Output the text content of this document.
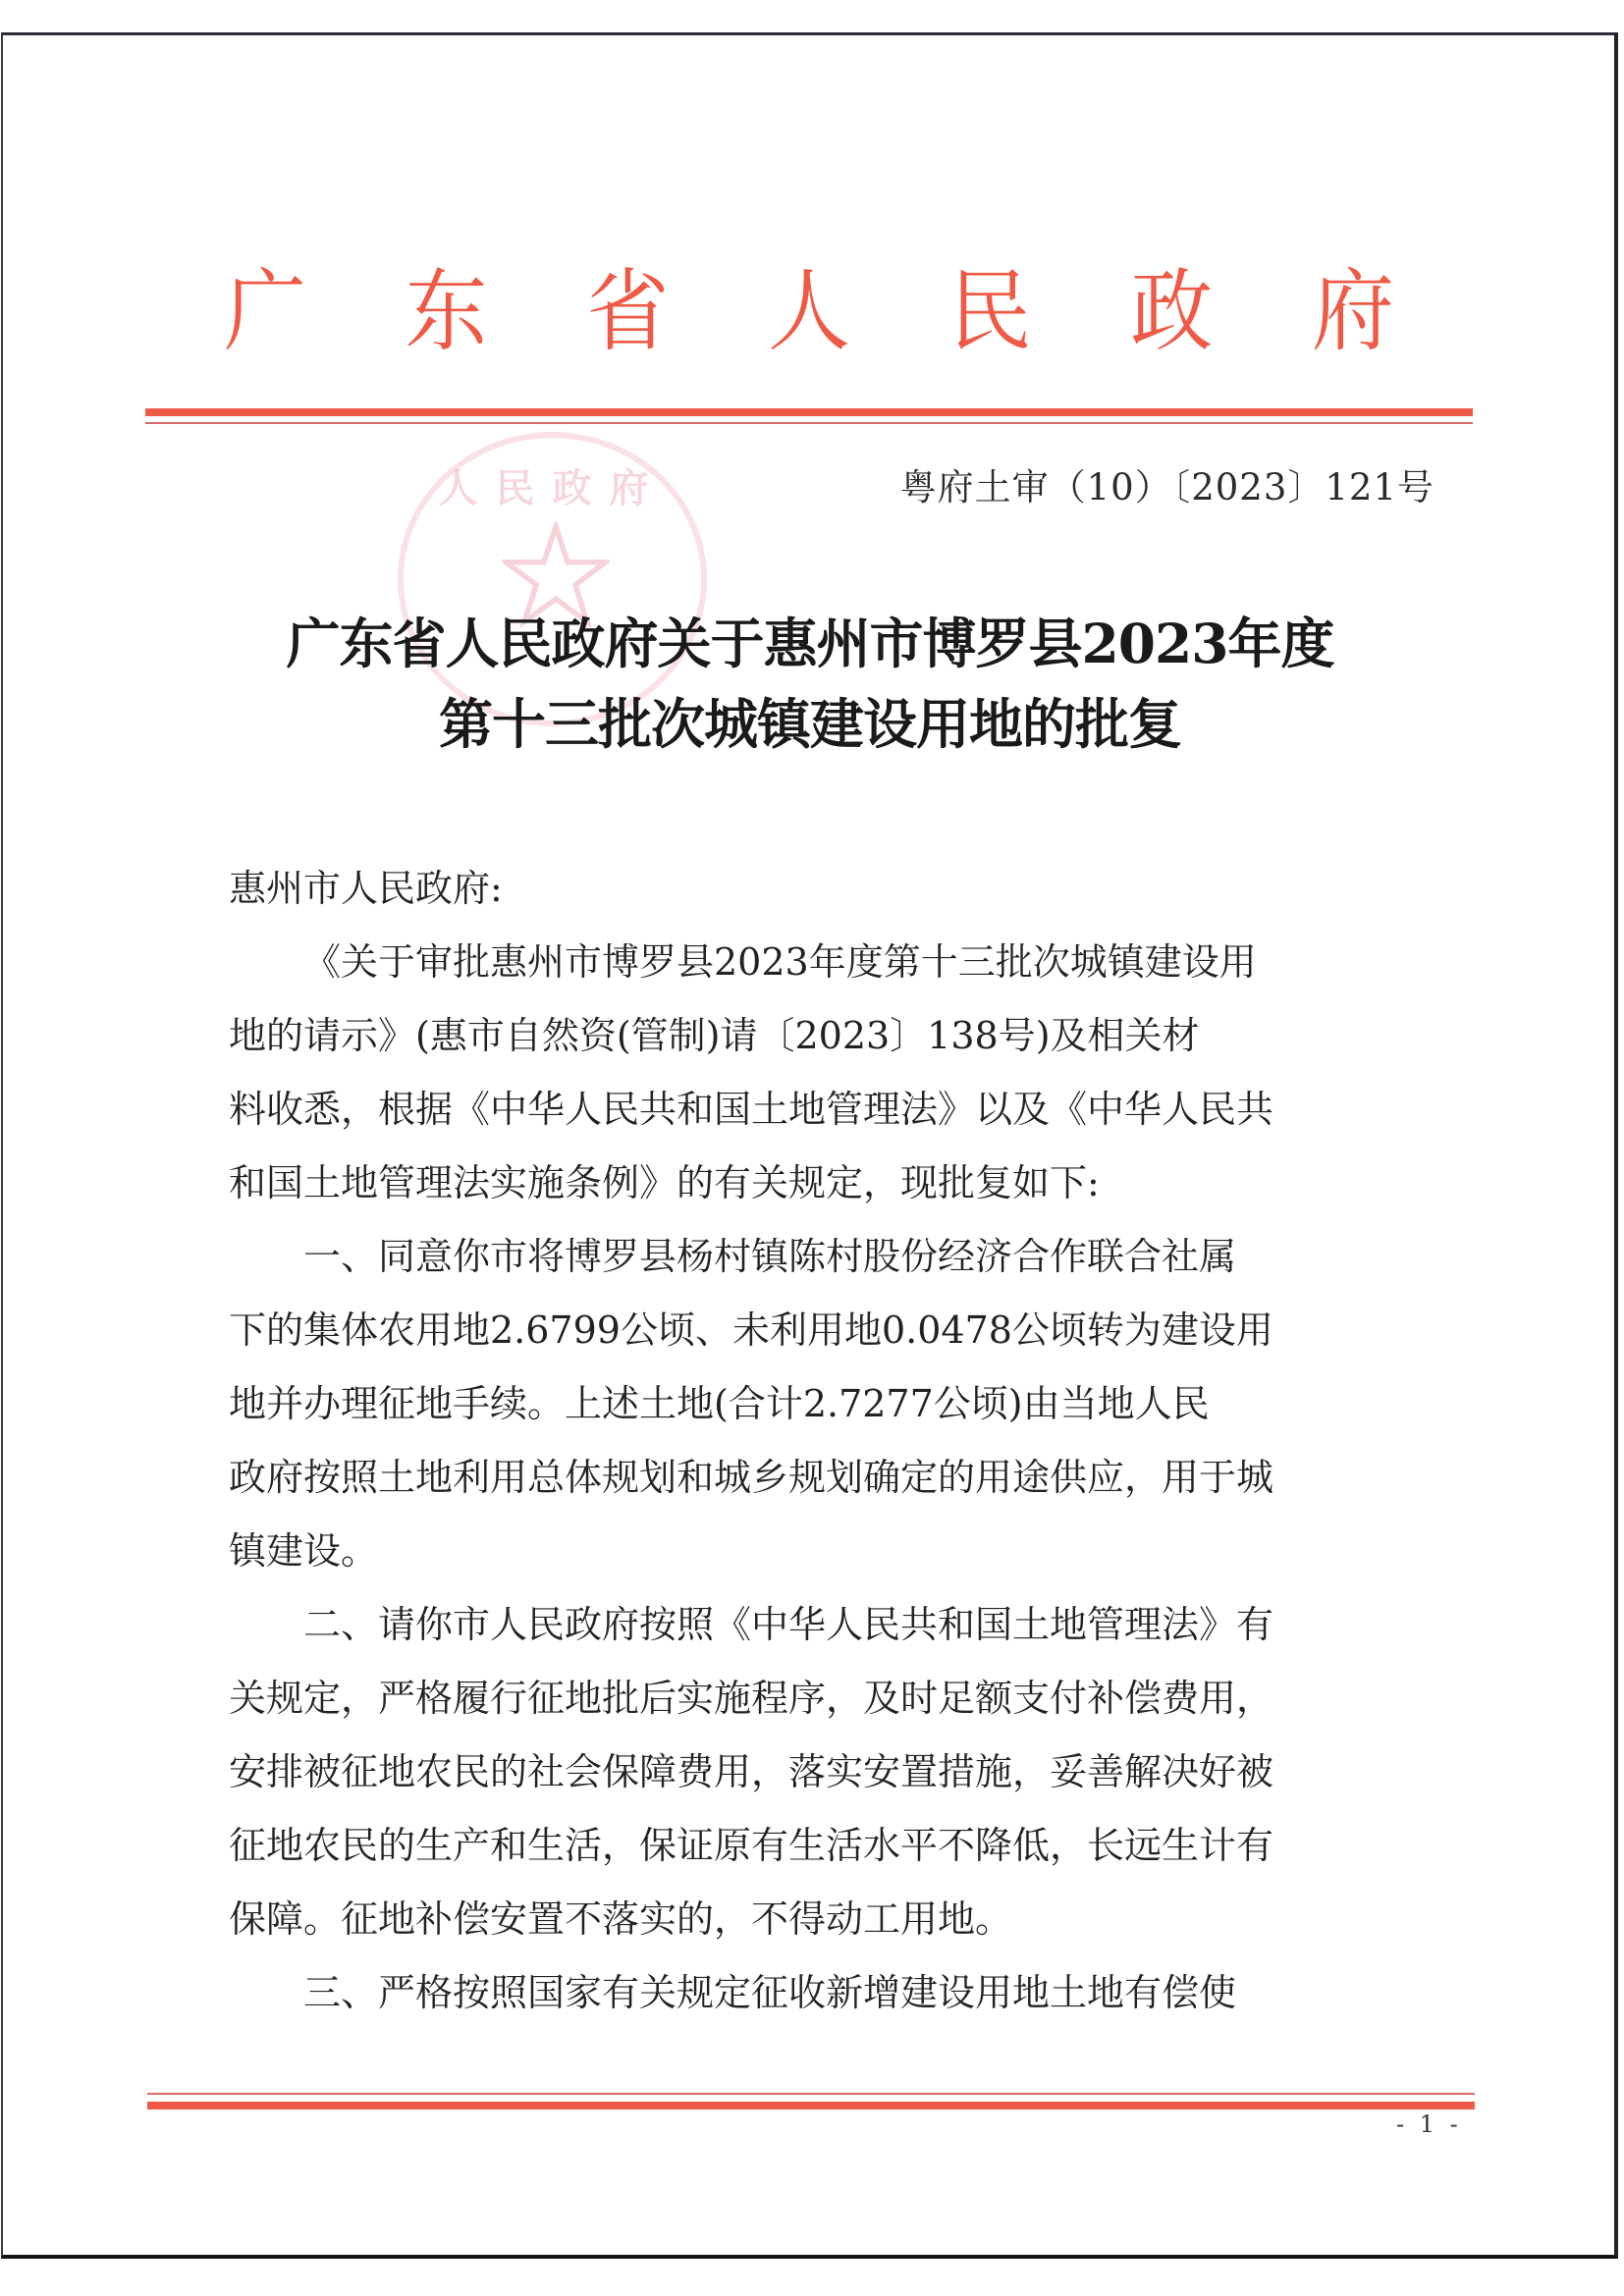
广 东 省 人 民 政 府
人民政府	粤府土审（10）〔2023〕121号
广东省人民政府关于惠州市博罗县2023年度
第十三批次城镇建设用地的批复
惠州市人民政府:
《关于审批惠州市博罗县2023年度第十三批次城镇建设用
地的请示》(惠市自然资(管制)请〔2023〕138号)及相关材
料收悉，根据《中华人民共和国土地管理法》以及《中华人民共
和国土地管理法实施条例》的有关规定，现批复如下:
一、同意你市将博罗县杨村镇陈村股份经济合作联合社属
下的集体农用地2.6799公顷、未利用地0.0478公顷转为建设用
地并办理征地手续。上述土地(合计2.7277公顷)由当地人民
政府按照土地利用总体规划和城乡规划确定的用途供应，用于城
镇建设。
二、请你市人民政府按照《中华人民共和国土地管理法》有
关规定，严格履行征地批后实施程序，及时足额支付补偿费用，
安排被征地农民的社会保障费用，落实安置措施，妥善解决好被
征地农民的生产和生活，保证原有生活水平不降低，长远生计有
保障。征地补偿安置不落实的，不得动工用地。
三、严格按照国家有关规定征收新增建设用地土地有偿使
- 1 -
